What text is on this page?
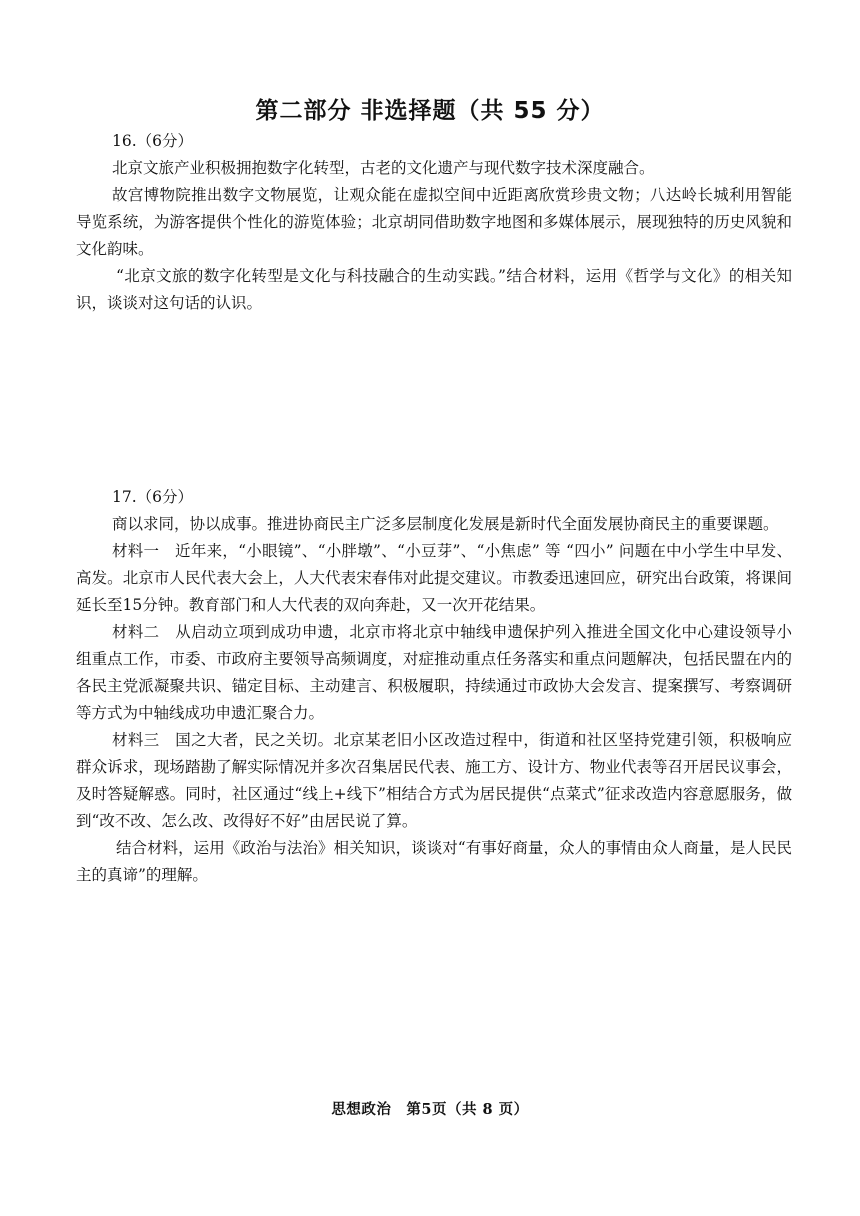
第二部分 非选择题（共 55 分）

16.（6分）

北京文旅产业积极拥抱数字化转型，古老的文化遗产与现代数字技术深度融合。

故宫博物院推出数字文物展览，让观众能在虚拟空间中近距离欣赏珍贵文物；八达岭长城利用智能导览系统，为游客提供个性化的游览体验；北京胡同借助数字地图和多媒体展示，展现独特的历史风貌和文化韵味。

“北京文旅的数字化转型是文化与科技融合的生动实践。”结合材料，运用《哲学与文化》的相关知识，谈谈对这句话的认识。

17.（6分）

商以求同，协以成事。推进协商民主广泛多层制度化发展是新时代全面发展协商民主的重要课题。

材料一　近年来，“小眼镜”、“小胖墩”、“小豆芽”、“小焦虑” 等 “四小” 问题在中小学生中早发、高发。北京市人民代表大会上，人大代表宋春伟对此提交建议。市教委迅速回应，研究出台政策，将课间延长至15分钟。教育部门和人大代表的双向奔赴，又一次开花结果。

材料二　从启动立项到成功申遗，北京市将北京中轴线申遗保护列入推进全国文化中心建设领导小组重点工作，市委、市政府主要领导高频调度，对症推动重点任务落实和重点问题解决，包括民盟在内的各民主党派凝聚共识、锚定目标、主动建言、积极履职，持续通过市政协大会发言、提案撰写、考察调研等方式为中轴线成功申遗汇聚合力。

材料三　国之大者，民之关切。北京某老旧小区改造过程中，街道和社区坚持党建引领，积极响应群众诉求，现场踏勘了解实际情况并多次召集居民代表、施工方、设计方、物业代表等召开居民议事会，及时答疑解惑。同时，社区通过“线上+线下”相结合方式为居民提供“点菜式”征求改造内容意愿服务，做到“改不改、怎么改、改得好不好”由居民说了算。

结合材料，运用《政治与法治》相关知识，谈谈对“有事好商量，众人的事情由众人商量，是人民民主的真谛”的理解。

思想政治　第5页（共 8 页）
